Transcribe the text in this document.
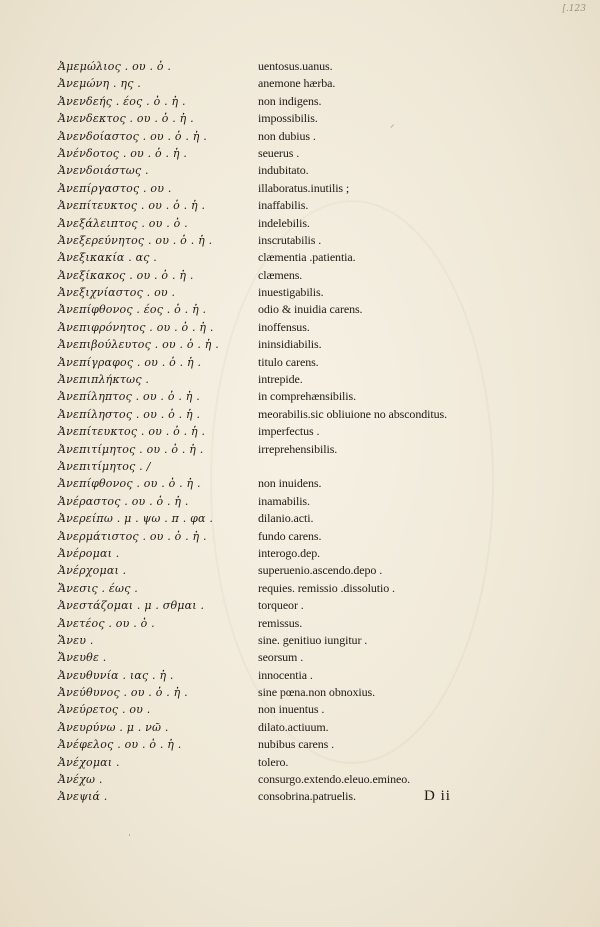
[.123
Ἀμεμώλιος . ου . ὁ .	uentosus.uanus.
Ἀνεμώνη . ης .	anemone hærba.
Ἀνενδεής . έος . ὁ . ἡ .	non indigens.
Ἀνενδεκτος . ου . ὁ . ἡ .	impossibilis.
Ἀνενδοίαστος . ου . ὁ . ἡ .	non dubius .
Ἀνένδοτος . ου . ὁ . ἡ .	seuerus .
Ἀνενδοιάστως .	indubitato.
Ἀνεπίργαστος . ου .	illaboratus.inutilis ;
Ἀνεπίτευκτος . ου . ὁ . ἡ .	inaffabilis.
Ἀνεξάλειπτος . ου . ὁ .	indelebilis.
Ἀνεξερεύνητος . ου . ὁ . ἡ .	inscrutabilis .
Ἀνεξικακία . ας .	clæmentia .patientia.
Ἀνεξίκακος . ου . ὁ . ἡ .	clæmens.
Ἀνεξιχνίαστος . ου .	inuestigabilis.
Ἀνεπίφθονος . έος . ὁ . ἡ .	odio & inuidia carens.
Ἀνεπιφρόνητος . ου . ὁ . ἡ .	inoffensus.
Ἀνεπιβούλευτος . ου . ὁ . ἡ .	ininsidiabilis.
Ἀνεπίγραφος . ου . ὁ . ἡ .	titulo carens.
Ἀνεπιπλήκτως .	intrepide.
Ἀνεπίληπτος . ου . ὁ . ἡ .	in comprehænsibilis.
Ἀνεπίληστος . ου . ὁ . ἡ .	meorabilis.sic obliuione no absconditus.
Ἀνεπίτευκτος . ου . ὁ . ἡ .	imperfectus .
Ἀνεπιτίμητος . ου . ὁ . ἡ .	irreprehensibilis.
Ἀνεπιτίμητος . /
Ἀνεπίφθονος . ου . ὁ . ἡ .	non inuidens.
Ἀνέραστος . ου . ὁ . ἡ .	inamabilis.
Ἀνερείπω . μ . ψω . π . φα .	dilanio.acti.
Ἀνερμάτιστος . ου . ὁ . ἡ .	fundo carens.
Ἀνέρομαι .	interogo.dep.
Ἀνέρχομαι .	superuenio.ascendo.depo .
Ἄνεσις . έως .	requies. remissio .dissolutio .
Ἀνεστάζομαι . μ . σθμαι .	torqueor .
Ἀνετέος . ου . ὁ .	remissus.
Ἄνευ .	sine. genitiuo iungitur .
Ἄνευθε .	seorsum .
Ἀνευθυνία . ιας . ἡ .	innocentia .
Ἀνεύθυνος . ου . ὁ . ἡ .	sine pœna.non obnoxius.
Ἀνεύρετος . ου .	non inuentus .
Ἀνευρύνω . μ . νῶ .	dilato.actiuum.
Ἀνέφελος . ου . ὁ . ἡ .	nubibus carens .
Ἀνέχομαι .	tolero.
Ἀνέχω .	consurgo.extendo.eleuo.emineo.
Ἀνεψιά .	consobrina.patruelis.
⸝
·
D ii
